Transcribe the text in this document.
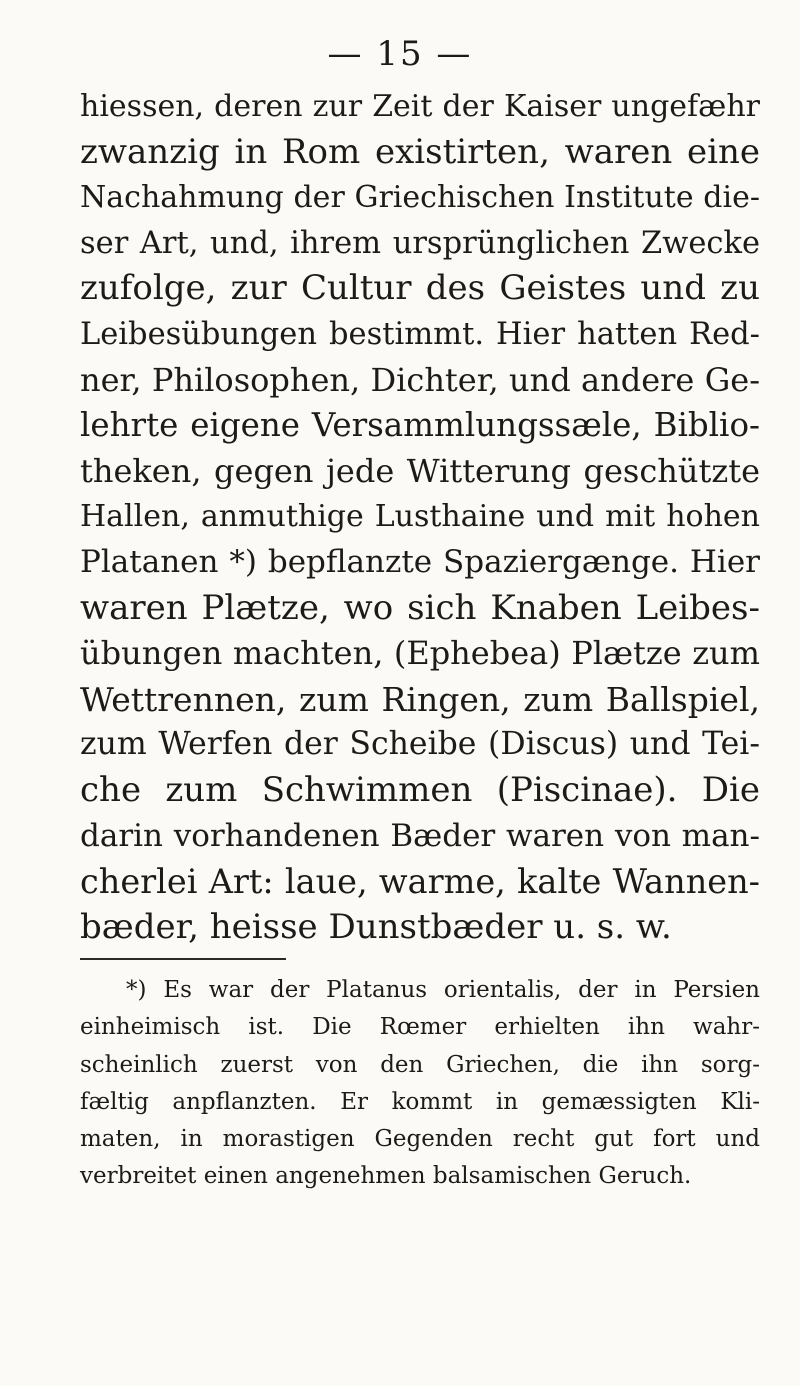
— 15 —
hiessen, deren zur Zeit der Kaiser ungefæhr
zwanzig in Rom existirten, waren eine
Nachahmung der Griechischen Institute die-
ser Art, und, ihrem ursprünglichen Zwecke
zufolge, zur Cultur des Geistes und zu
Leibesübungen bestimmt. Hier hatten Red-
ner, Philosophen, Dichter, und andere Ge-
lehrte eigene Versammlungssæle, Biblio-
theken, gegen jede Witterung geschützte
Hallen, anmuthige Lusthaine und mit hohen
Platanen *) bepflanzte Spaziergænge. Hier
waren Plætze, wo sich Knaben Leibes-
übungen machten, (Ephebea) Plætze zum
Wettrennen, zum Ringen, zum Ballspiel,
zum Werfen der Scheibe (Discus) und Tei-
che zum Schwimmen (Piscinae). Die
darin vorhandenen Bæder waren von man-
cherlei Art: laue, warme, kalte Wannen-
bæder, heisse Dunstbæder u. s. w.
*) Es war der Platanus orientalis, der in Persien
einheimisch ist. Die Rœmer erhielten ihn wahr-
scheinlich zuerst von den Griechen, die ihn sorg-
fæltig anpflanzten. Er kommt in gemæssigten Kli-
maten, in morastigen Gegenden recht gut fort und
verbreitet einen angenehmen balsamischen Geruch.
